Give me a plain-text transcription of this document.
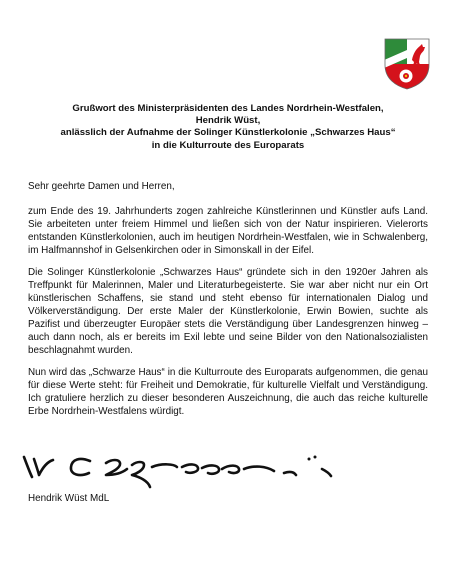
Grußwort des Ministerpräsidenten des Landes Nordrhein-Westfalen,
Hendrik Wüst,
anlässlich der Aufnahme der Solinger Künstlerkolonie „Schwarzes Haus“
in die Kulturroute des Europarats

Sehr geehrte Damen und Herren,

zum Ende des 19. Jahrhunderts zogen zahlreiche Künstlerinnen und Künstler aufs Land. Sie arbeiteten unter freiem Himmel und ließen sich von der Natur inspirieren. Vielerorts entstanden Künstlerkolonien, auch im heutigen Nordrhein-Westfalen, wie in Schwalenberg, im Halfmannshof in Gelsenkirchen oder in Simonskall in der Eifel.

Die Solinger Künstlerkolonie „Schwarzes Haus“ gründete sich in den 1920er Jahren als Treffpunkt für Malerinnen, Maler und Literaturbegeisterte. Sie war aber nicht nur ein Ort künstlerischen Schaffens, sie stand und steht ebenso für internationalen Dialog und Völkerverständigung. Der erste Maler der Künstlerkolonie, Erwin Bowien, suchte als Pazifist und überzeugter Europäer stets die Verständigung über Landesgrenzen hinweg – auch dann noch, als er bereits im Exil lebte und seine Bilder von den Nationalsozialisten beschlagnahmt wurden.

Nun wird das „Schwarze Haus“ in die Kulturroute des Europarats aufgenommen, die genau für diese Werte steht: für Freiheit und Demokratie, für kulturelle Vielfalt und Verständigung. Ich gratuliere herzlich zu dieser besonderen Auszeichnung, die auch das reiche kulturelle Erbe Nordrhein-Westfalens würdigt.

Hendrik Wüst MdL
